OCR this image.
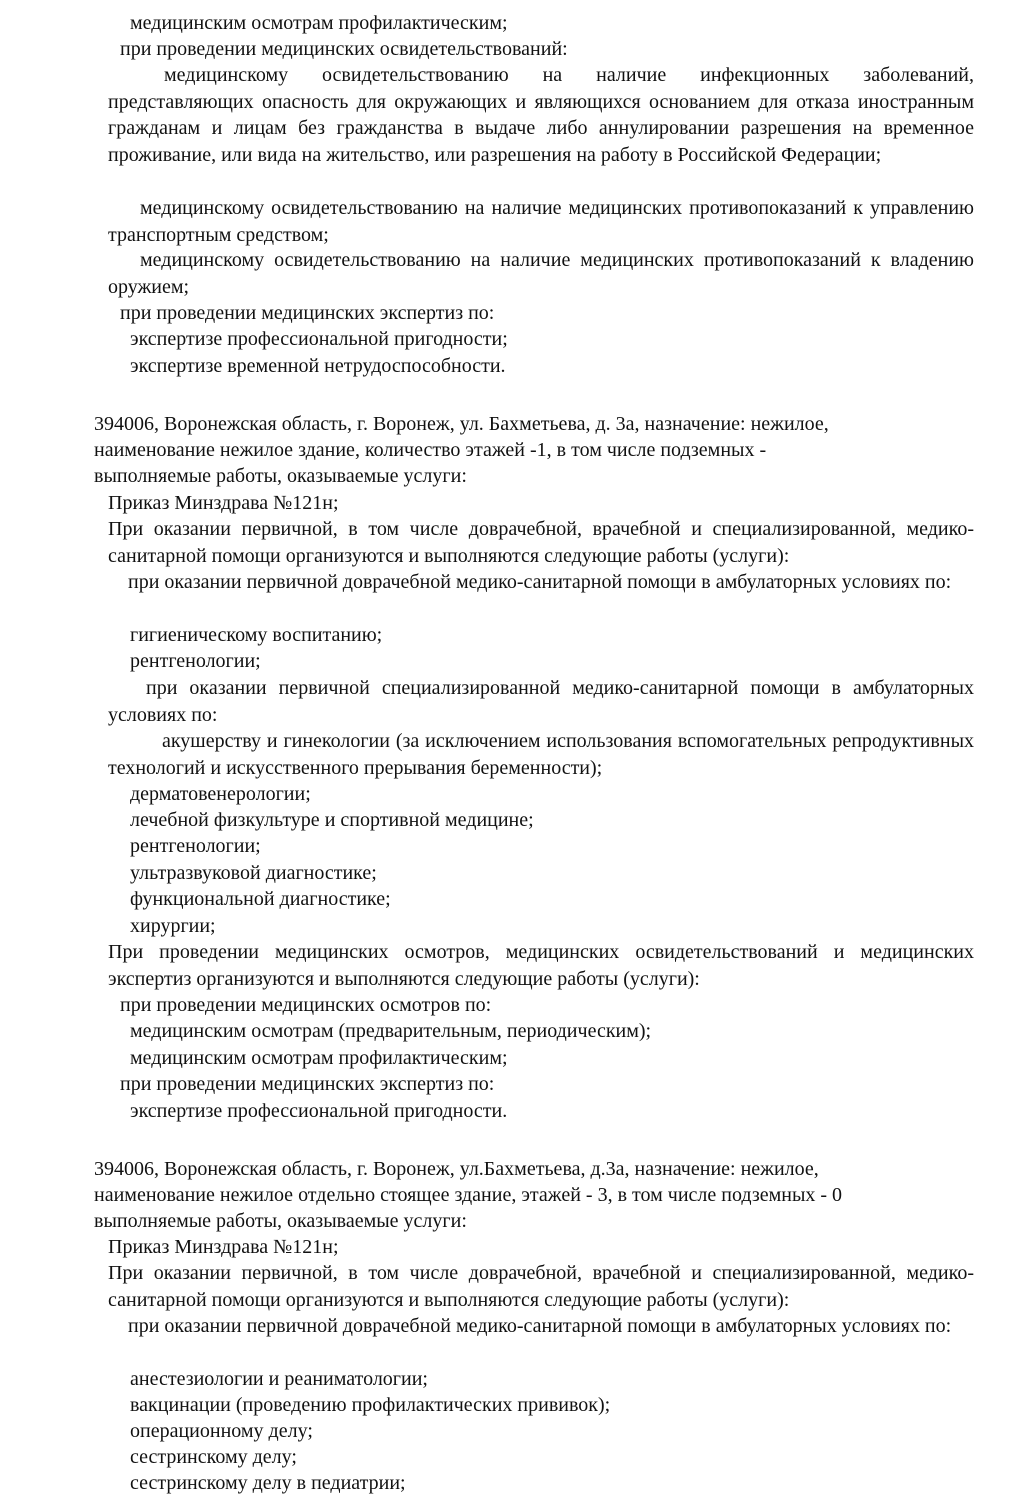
медицинским осмотрам профилактическим;
при проведении медицинских освидетельствований:
медицинскому освидетельствованию на наличие инфекционных заболеваний, представляющих опасность для окружающих и являющихся основанием для отказа иностранным гражданам и лицам без гражданства в выдаче либо аннулировании разрешения на временное проживание, или вида на жительство, или разрешения на работу в Российской Федерации;
медицинскому освидетельствованию на наличие медицинских противопоказаний к управлению транспортным средством;
медицинскому освидетельствованию на наличие медицинских противопоказаний к владению оружием;
при проведении медицинских экспертиз по:
экспертизе профессиональной пригодности;
экспертизе временной нетрудоспособности.
394006, Воронежская область, г. Воронеж, ул. Бахметьева, д. 3а, назначение: нежилое,
наименование нежилое здание, количество этажей -1, в том числе подземных -
выполняемые работы, оказываемые услуги:
Приказ Минздрава №121н;
При оказании первичной, в том числе доврачебной, врачебной и специализированной, медико-санитарной помощи организуются и выполняются следующие работы (услуги):
при оказании первичной доврачебной медико-санитарной помощи в амбулаторных условиях по:
гигиеническому воспитанию;
рентгенологии;
при оказании первичной специализированной медико-санитарной помощи в амбулаторных условиях по:
акушерству и гинекологии (за исключением использования вспомогательных репродуктивных технологий и искусственного прерывания беременности);
дерматовенерологии;
лечебной физкультуре и спортивной медицине;
рентгенологии;
ультразвуковой диагностике;
функциональной диагностике;
хирургии;
При проведении медицинских осмотров, медицинских освидетельствований и медицинских экспертиз организуются и выполняются следующие работы (услуги):
при проведении медицинских осмотров по:
медицинским осмотрам (предварительным, периодическим);
медицинским осмотрам профилактическим;
при проведении медицинских экспертиз по:
экспертизе профессиональной пригодности.
394006, Воронежская область, г. Воронеж, ул.Бахметьева, д.3а, назначение: нежилое,
наименование нежилое отдельно стоящее здание, этажей - 3, в том числе подземных - 0
выполняемые работы, оказываемые услуги:
Приказ Минздрава №121н;
При оказании первичной, в том числе доврачебной, врачебной и специализированной, медико-санитарной помощи организуются и выполняются следующие работы (услуги):
при оказании первичной доврачебной медико-санитарной помощи в амбулаторных условиях по:
анестезиологии и реаниматологии;
вакцинации (проведению профилактических прививок);
операционному делу;
сестринскому делу;
сестринскому делу в педиатрии;
